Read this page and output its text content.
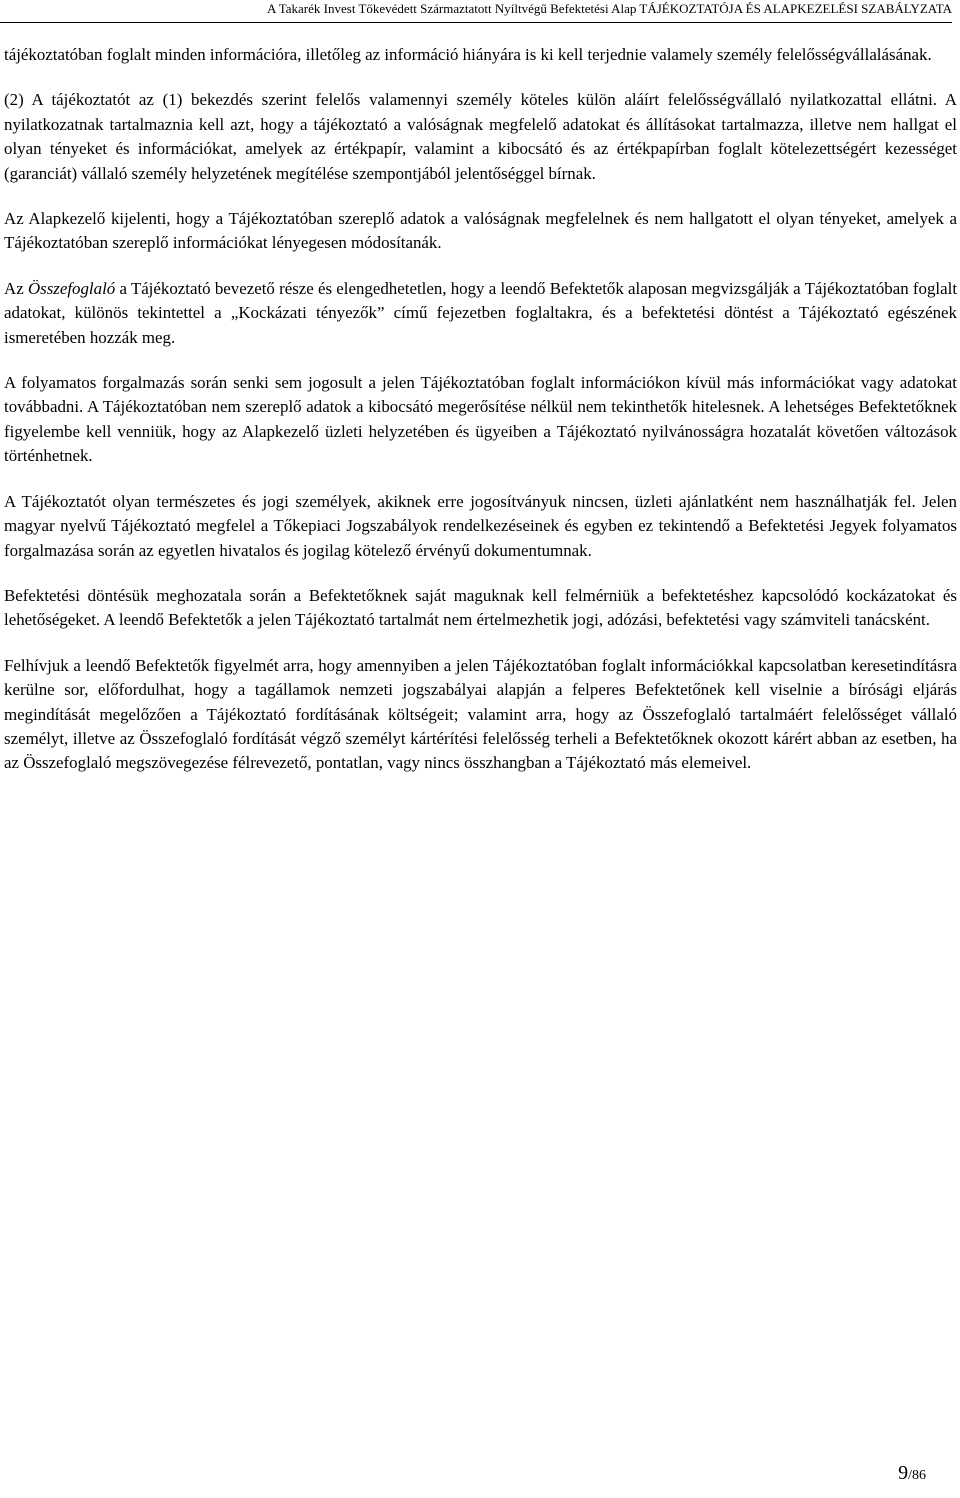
A Takarék Invest Tőkevédett Származtatott Nyíltvégű Befektetési Alap TÁJÉKOZTATÓJA ÉS ALAPKEZELÉSI SZABÁLYZATA

tájékoztatóban foglalt minden információra, illetőleg az információ hiányára is ki kell terjednie valamely személy felelősségvállalásának.

(2) A tájékoztatót az (1) bekezdés szerint felelős valamennyi személy köteles külön aláírt felelősségvállaló nyilatkozattal ellátni. A nyilatkozatnak tartalmaznia kell azt, hogy a tájékoztató a valóságnak megfelelő adatokat és állításokat tartalmazza, illetve nem hallgat el olyan tényeket és információkat, amelyek az értékpapír, valamint a kibocsátó és az értékpapírban foglalt kötelezettségért kezességet (garanciát) vállaló személy helyzetének megítélése szempontjából jelentőséggel bírnak.

Az Alapkezelő kijelenti, hogy a Tájékoztatóban szereplő adatok a valóságnak megfelelnek és nem hallgatott el olyan tényeket, amelyek a Tájékoztatóban szereplő információkat lényegesen módosítanák.

Az Összefoglaló a Tájékoztató bevezető része és elengedhetetlen, hogy a leendő Befektetők alaposan megvizsgálják a Tájékoztatóban foglalt adatokat, különös tekintettel a „Kockázati tényezők” című fejezetben foglaltakra, és a befektetési döntést a Tájékoztató egészének ismeretében hozzák meg.

A folyamatos forgalmazás során senki sem jogosult a jelen Tájékoztatóban foglalt információkon kívül más információkat vagy adatokat továbbadni. A Tájékoztatóban nem szereplő adatok a kibocsátó megerősítése nélkül nem tekinthetők hitelesnek. A lehetséges Befektetőknek figyelembe kell venniük, hogy az Alapkezelő üzleti helyzetében és ügyeiben a Tájékoztató nyilvánosságra hozatalát követően változások történhetnek.

A Tájékoztatót olyan természetes és jogi személyek, akiknek erre jogosítványuk nincsen, üzleti ajánlatként nem használhatják fel. Jelen magyar nyelvű Tájékoztató megfelel a Tőkepiaci Jogszabályok rendelkezéseinek és egyben ez tekintendő a Befektetési Jegyek folyamatos forgalmazása során az egyetlen hivatalos és jogilag kötelező érvényű dokumentumnak.

Befektetési döntésük meghozatala során a Befektetőknek saját maguknak kell felmérniük a befektetéshez kapcsolódó kockázatokat és lehetőségeket. A leendő Befektetők a jelen Tájékoztató tartalmát nem értelmezhetik jogi, adózási, befektetési vagy számviteli tanácsként.

Felhívjuk a leendő Befektetők figyelmét arra, hogy amennyiben a jelen Tájékoztatóban foglalt információkkal kapcsolatban keresetindításra kerülne sor, előfordulhat, hogy a tagállamok nemzeti jogszabályai alapján a felperes Befektetőnek kell viselnie a bírósági eljárás megindítását megelőzően a Tájékoztató fordításának költségeit; valamint arra, hogy az Összefoglaló tartalmáért felelősséget vállaló személyt, illetve az Összefoglaló fordítását végző személyt kártérítési felelősség terheli a Befektetőknek okozott kárért abban az esetben, ha az Összefoglaló megszövegezése félrevezető, pontatlan, vagy nincs összhangban a Tájékoztató más elemeivel.

9/86
